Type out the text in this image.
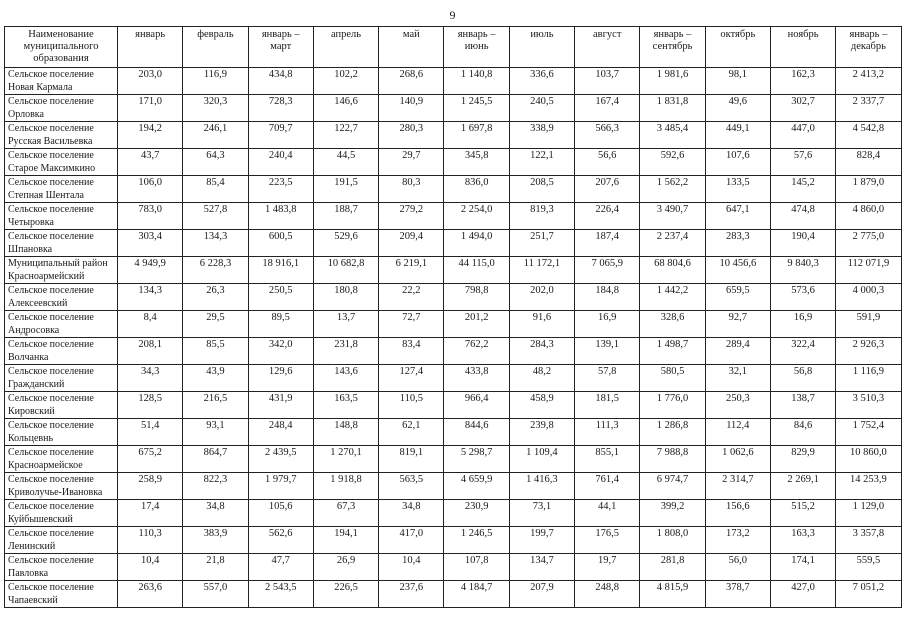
9
Наименование муниципального образования	январь	февраль	январь – март	апрель	май	январь – июнь	июль	август	январь – сентябрь	октябрь	ноябрь	январь – декабрь

Сельское поселение
Новая Кармала	203,0	116,9	434,8	102,2	268,6	1 140,8	336,6	103,7	1 981,6	98,1	162,3	2 413,2

Сельское поселение
Орловка	171,0	320,3	728,3	146,6	140,9	1 245,5	240,5	167,4	1 831,8	49,6	302,7	2 337,7

Сельское поселение
Русская Васильевка	194,2	246,1	709,7	122,7	280,3	1 697,8	338,9	566,3	3 485,4	449,1	447,0	4 542,8

Сельское поселение
Старое Максимкино	43,7	64,3	240,4	44,5	29,7	345,8	122,1	56,6	592,6	107,6	57,6	828,4

Сельское поселение
Степная Шентала	106,0	85,4	223,5	191,5	80,3	836,0	208,5	207,6	1 562,2	133,5	145,2	1 879,0

Сельское поселение
Четыровка	783,0	527,8	1 483,8	188,7	279,2	2 254,0	819,3	226,4	3 490,7	647,1	474,8	4 860,0

Сельское поселение
Шпановка	303,4	134,3	600,5	529,6	209,4	1 494,0	251,7	187,4	2 237,4	283,3	190,4	2 775,0

Муниципальный район
Красноармейский	4 949,9	6 228,3	18 916,1	10 682,8	6 219,1	44 115,0	11 172,1	7 065,9	68 804,6	10 456,6	9 840,3	112 071,9

Сельское поселение
Алексеевский	134,3	26,3	250,5	180,8	22,2	798,8	202,0	184,8	1 442,2	659,5	573,6	4 000,3

Сельское поселение
Андросовка	8,4	29,5	89,5	13,7	72,7	201,2	91,6	16,9	328,6	92,7	16,9	591,9

Сельское поселение
Волчанка	208,1	85,5	342,0	231,8	83,4	762,2	284,3	139,1	1 498,7	289,4	322,4	2 926,3

Сельское поселение
Гражданский	34,3	43,9	129,6	143,6	127,4	433,8	48,2	57,8	580,5	32,1	56,8	1 116,9

Сельское поселение
Кировский	128,5	216,5	431,9	163,5	110,5	966,4	458,9	181,5	1 776,0	250,3	138,7	3 510,3

Сельское поселение
Кольцевнь	51,4	93,1	248,4	148,8	62,1	844,6	239,8	111,3	1 286,8	112,4	84,6	1 752,4

Сельское поселение
Красноармейское	675,2	864,7	2 439,5	1 270,1	819,1	5 298,7	1 109,4	855,1	7 988,8	1 062,6	829,9	10 860,0

Сельское поселение
Криволучье-Ивановка	258,9	822,3	1 979,7	1 918,8	563,5	4 659,9	1 416,3	761,4	6 974,7	2 314,7	2 269,1	14 253,9

Сельское поселение
Куйбышевский	17,4	34,8	105,6	67,3	34,8	230,9	73,1	44,1	399,2	156,6	515,2	1 129,0

Сельское поселение
Ленинский	110,3	383,9	562,6	194,1	417,0	1 246,5	199,7	176,5	1 808,0	173,2	163,3	3 357,8

Сельское поселение
Павловка	10,4	21,8	47,7	26,9	10,4	107,8	134,7	19,7	281,8	56,0	174,1	559,5

Сельское поселение
Чапаевский	263,6	557,0	2 543,5	226,5	237,6	4 184,7	207,9	248,8	4 815,9	378,7	427,0	7 051,2
